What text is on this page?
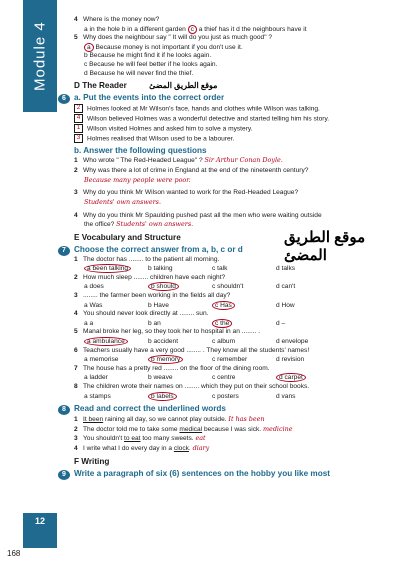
Module 4
12
168
4 Where is the money now?
a in the hole b in a different garden c a thief has it d the neighbours have it
5 Why does the neighbour say " It will do you just as much good" ?
a Because money is not important if you don't use it.
b Because he might find it if he looks again.
c Because he will feel better if he looks again.
d Because he will never find the thief.
D The Reader	موقع الطريق المضئ
6 a. Put the events into the correct order
2 Holmes looked at Mr Wilson's face, hands and clothes while Wilson was talking.
4 Wilson believed Holmes was a wonderful detective and started telling him his story.
1 Wilson visited Holmes and asked him to solve a mystery.
3 Holmes realised that Wilson used to be a labourer.
b. Answer the following questions
1 Who wrote " The Red-Headed League" ? Sir Arthur Conan Doyle.
2 Why was there a lot of crime in England at the end of the nineteenth century?
Because many people were poor.
3 Why do you think Mr Wilson wanted to work for the Red-Headed League?
Students' own answers.
4 Why do you think Mr Spaulding pushed past all the men who were waiting outside
the office? Students' own answers.
E Vocabulary and Structure
7 Choose the correct answer from a, b, c or d
1 The doctor has ........ to the patient all morning.
a been talking	b talking	c talk	d talks
2 How much sleep ........ children have each night?
a does	b should	c shouldn't	d can't
3 ........ the farmer been working in the fields all day?
a Was	b Have	c Has	d How
4 You should never look directly at ........ sun.
a a	b an	c the	d –
5 Manal broke her leg, so they took her to hospital in an ........ .
a ambulance	b accident	c album	d envelope
6 Teachers usually have a very good ........ . They know all the students' names!
a memorise	b memory	c remember	d revision
7 The house has a pretty red ........ on the floor of the dining room.
a ladder	b weave	c centre	d carpet
8 The children wrote their names on ........ which they put on their school books.
a stamps	b labels	c posters	d vans
8 Read and correct the underlined words
1 It been raining all day, so we cannot play outside. It has been
2 The doctor told me to take some medical because I was sick. medicine
3 You shouldn't to eat too many sweets. eat
4 I write what I do every day in a clock. diary
F Writing
9 Write a paragraph of six (6) sentences on the hobby you like most
موقع الطريق المضئ
